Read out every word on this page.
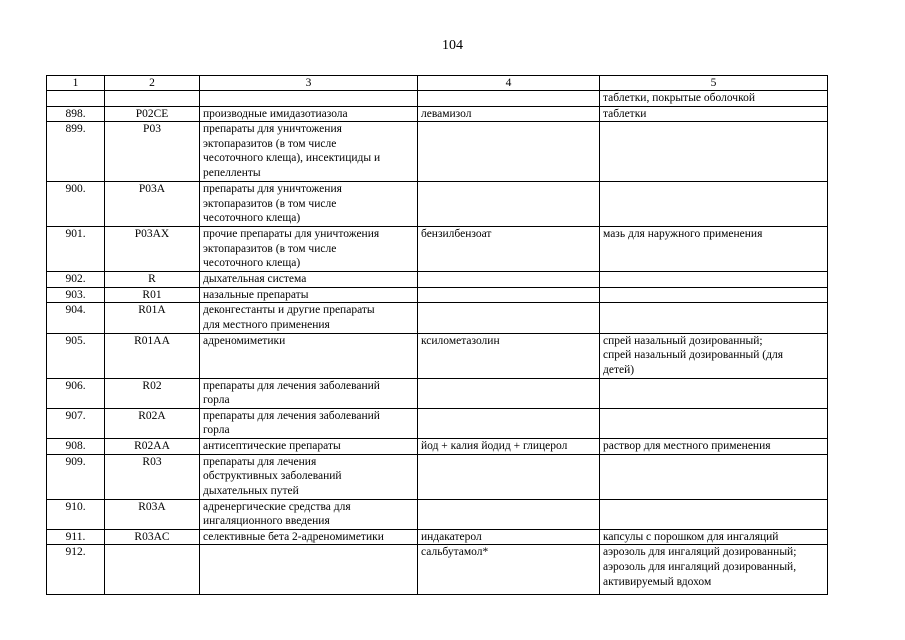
104
1	2	3	4	5

				таблетки, покрытые оболочкой

898.	P02CE	производные имидазотиазола	левамизол	таблетки

899.	P03	препараты для уничтожения
эктопаразитов (в том числе
чесоточного клеща), инсектициды и
репелленты		

900.	P03A	препараты для уничтожения
эктопаразитов (в том числе
чесоточного клеща)		

901.	P03AX	прочие препараты для уничтожения
эктопаразитов (в том числе
чесоточного клеща)	бензилбензоат	мазь для наружного применения

902.	R	дыхательная система		

903.	R01	назальные препараты		

904.	R01A	деконгестанты и другие препараты
для местного применения		

905.	R01AA	адреномиметики	ксилометазолин	спрей назальный дозированный;
спрей назальный дозированный (для
детей)

906.	R02	препараты для лечения заболеваний
горла		

907.	R02A	препараты для лечения заболеваний
горла		

908.	R02AA	антисептические препараты	йод + калия йодид + глицерол	раствор для местного применения

909.	R03	препараты для лечения
обструктивных заболеваний
дыхательных путей		

910.	R03A	адренергические средства для
ингаляционного введения		

911.	R03AC	селективные бета 2-адреномиметики	индакатерол	капсулы с порошком для ингаляций

912.			сальбутамол*	аэрозоль для ингаляций дозированный;
аэрозоль для ингаляций дозированный,
активируемый вдохом
